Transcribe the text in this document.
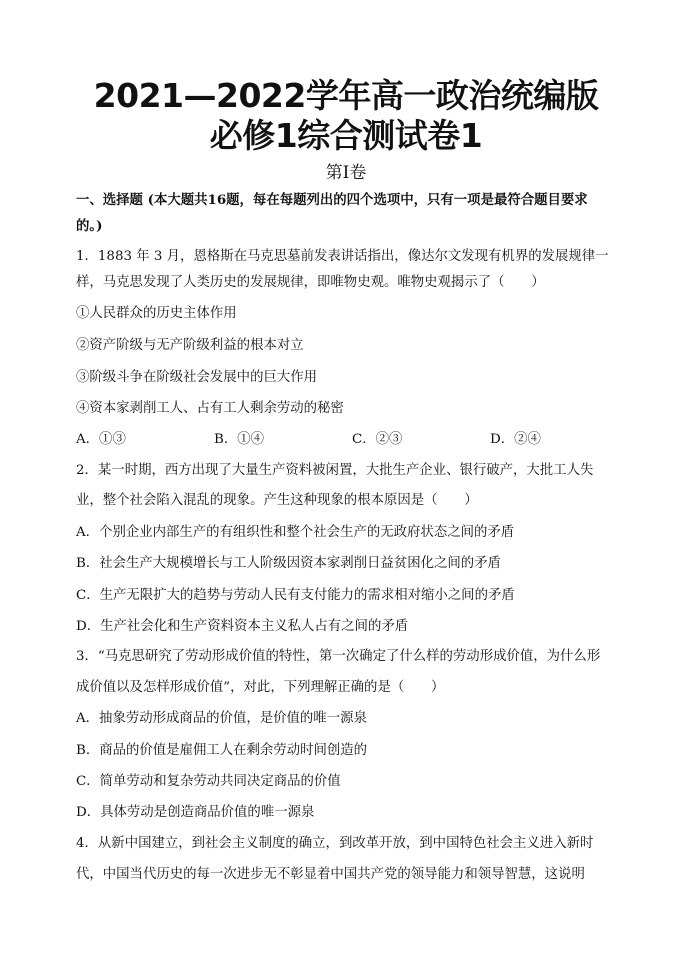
2021—2022学年高一政治统编版
必修1综合测试卷1
第Ⅰ卷
一、选择题 (本大题共16题，每在每题列出的四个选项中，只有一项是最符合题目要求
的。)
1．1883 年 3 月，恩格斯在马克思墓前发表讲话指出，像达尔文发现有机界的发展规律一
样，马克思发现了人类历史的发展规律，即唯物史观。唯物史观揭示了（　　）
①人民群众的历史主体作用
②资产阶级与无产阶级利益的根本对立
③阶级斗争在阶级社会发展中的巨大作用
④资本家剥削工人、占有工人剩余劳动的秘密
A．①③	B．①④	C．②③	D．②④
2．某一时期，西方出现了大量生产资料被闲置，大批生产企业、银行破产，大批工人失
业，整个社会陷入混乱的现象。产生这种现象的根本原因是（　　）
A．个别企业内部生产的有组织性和整个社会生产的无政府状态之间的矛盾
B．社会生产大规模增长与工人阶级因资本家剥削日益贫困化之间的矛盾
C．生产无限扩大的趋势与劳动人民有支付能力的需求相对缩小之间的矛盾
D．生产社会化和生产资料资本主义私人占有之间的矛盾
3．“马克思研究了劳动形成价值的特性，第一次确定了什么样的劳动形成价值，为什么形
成价值以及怎样形成价值”，对此，下列理解正确的是（　　）
A．抽象劳动形成商品的价值，是价值的唯一源泉
B．商品的价值是雇佣工人在剩余劳动时间创造的
C．简单劳动和复杂劳动共同决定商品的价值
D．具体劳动是创造商品价值的唯一源泉
4．从新中国建立，到社会主义制度的确立，到改革开放，到中国特色社会主义进入新时
代，中国当代历史的每一次进步无不彰显着中国共产党的领导能力和领导智慧，这说明
